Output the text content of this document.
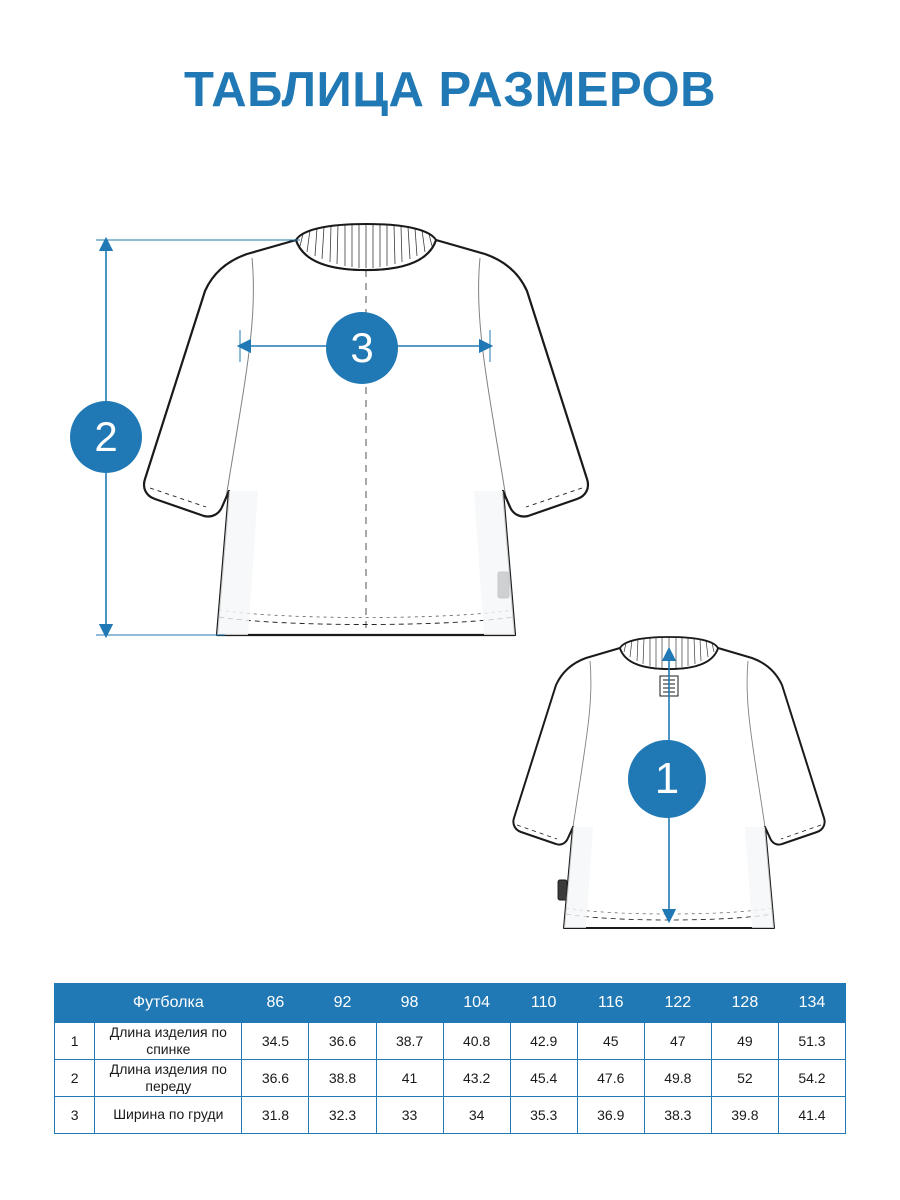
ТАБЛИЦА РАЗМЕРОВ
3
2
1
	Футболка	86	92	98	104	110	116	122	128	134
1	Длина изделия по спинке	34.5	36.6	38.7	40.8	42.9	45	47	49	51.3
2	Длина изделия по переду	36.6	38.8	41	43.2	45.4	47.6	49.8	52	54.2
3	Ширина по груди	31.8	32.3	33	34	35.3	36.9	38.3	39.8	41.4
